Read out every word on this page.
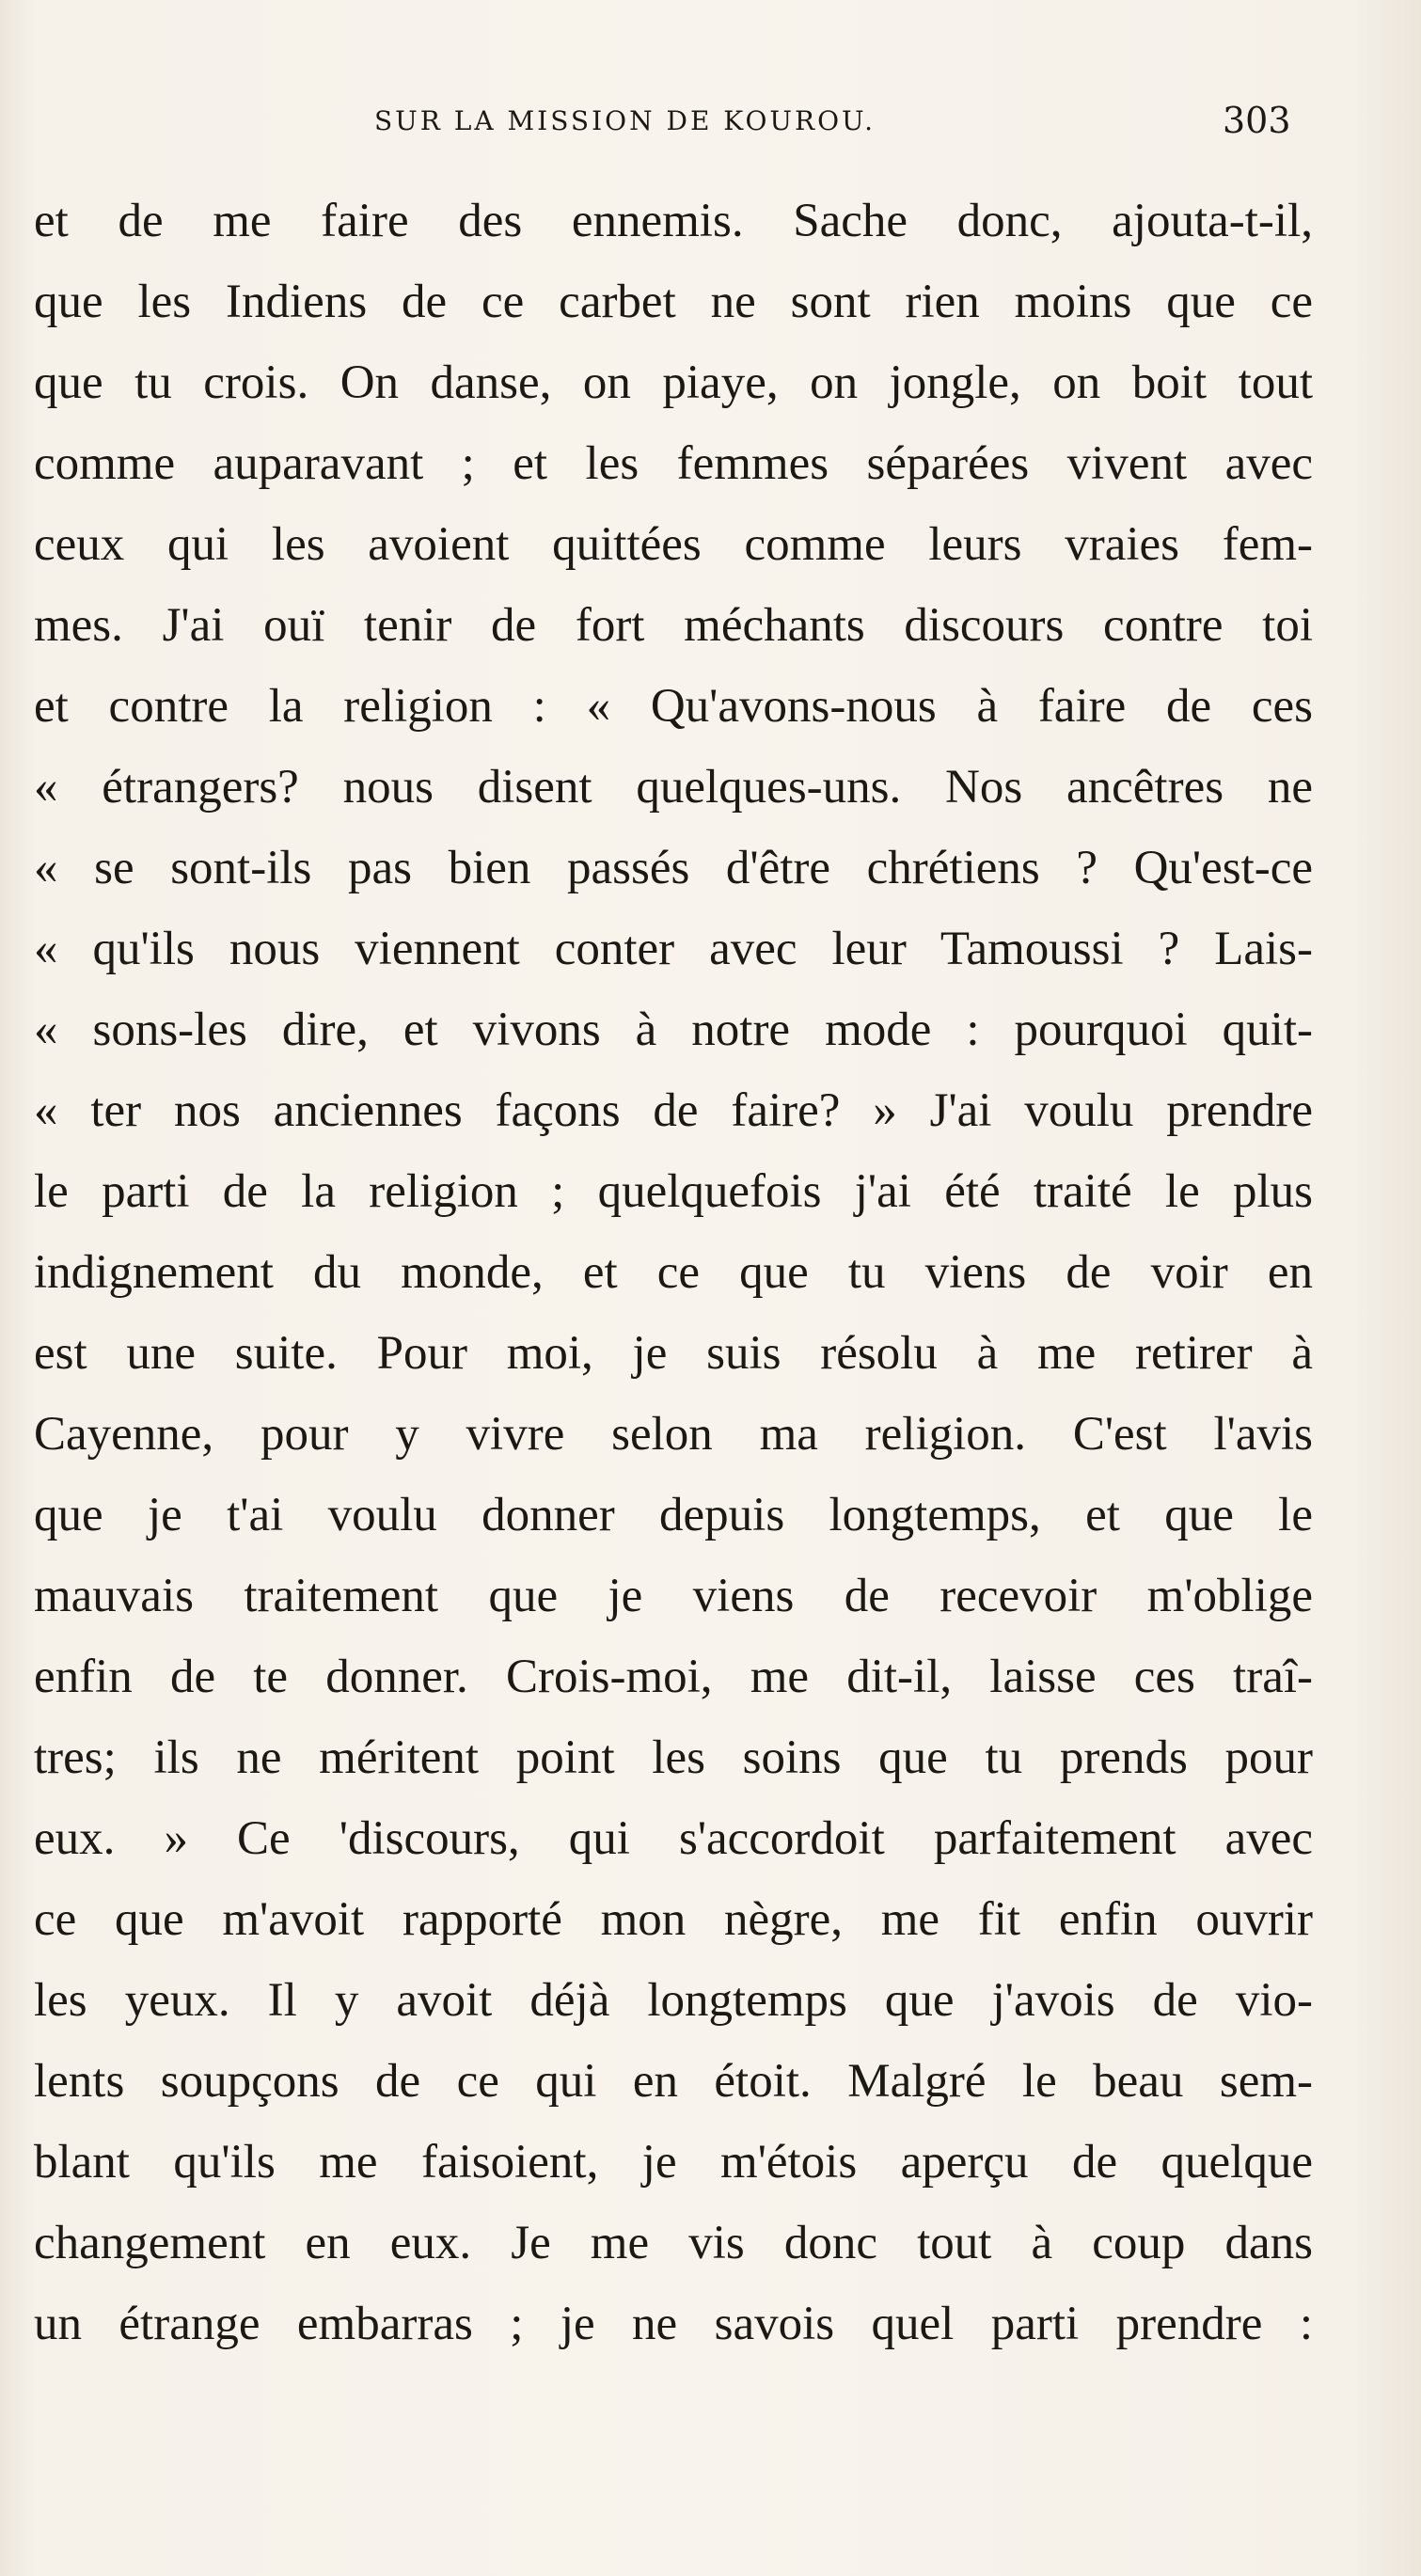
SUR LA MISSION DE KOUROU.	303
et de me faire des ennemis. Sache donc, ajouta-t-il,
que les Indiens de ce carbet ne sont rien moins que ce
que tu crois. On danse, on piaye, on jongle, on boit tout
comme auparavant ; et les femmes séparées vivent avec
ceux qui les avoient quittées comme leurs vraies fem-
mes. J'ai ouï tenir de fort méchants discours contre toi
et contre la religion : « Qu'avons-nous à faire de ces
« étrangers? nous disent quelques-uns. Nos ancêtres ne
« se sont-ils pas bien passés d'être chrétiens ? Qu'est-ce
« qu'ils nous viennent conter avec leur Tamoussi ? Lais-
« sons-les dire, et vivons à notre mode : pourquoi quit-
« ter nos anciennes façons de faire? » J'ai voulu prendre
le parti de la religion ; quelquefois j'ai été traité le plus
indignement du monde, et ce que tu viens de voir en
est une suite. Pour moi, je suis résolu à me retirer à
Cayenne, pour y vivre selon ma religion. C'est l'avis
que je t'ai voulu donner depuis longtemps, et que le
mauvais traitement que je viens de recevoir m'oblige
enfin de te donner. Crois-moi, me dit-il, laisse ces traî-
tres; ils ne méritent point les soins que tu prends pour
eux. » Ce 'discours, qui s'accordoit parfaitement avec
ce que m'avoit rapporté mon nègre, me fit enfin ouvrir
les yeux. Il y avoit déjà longtemps que j'avois de vio-
lents soupçons de ce qui en étoit. Malgré le beau sem-
blant qu'ils me faisoient, je m'étois aperçu de quelque
changement en eux. Je me vis donc tout à coup dans
un étrange embarras ; je ne savois quel parti prendre :
